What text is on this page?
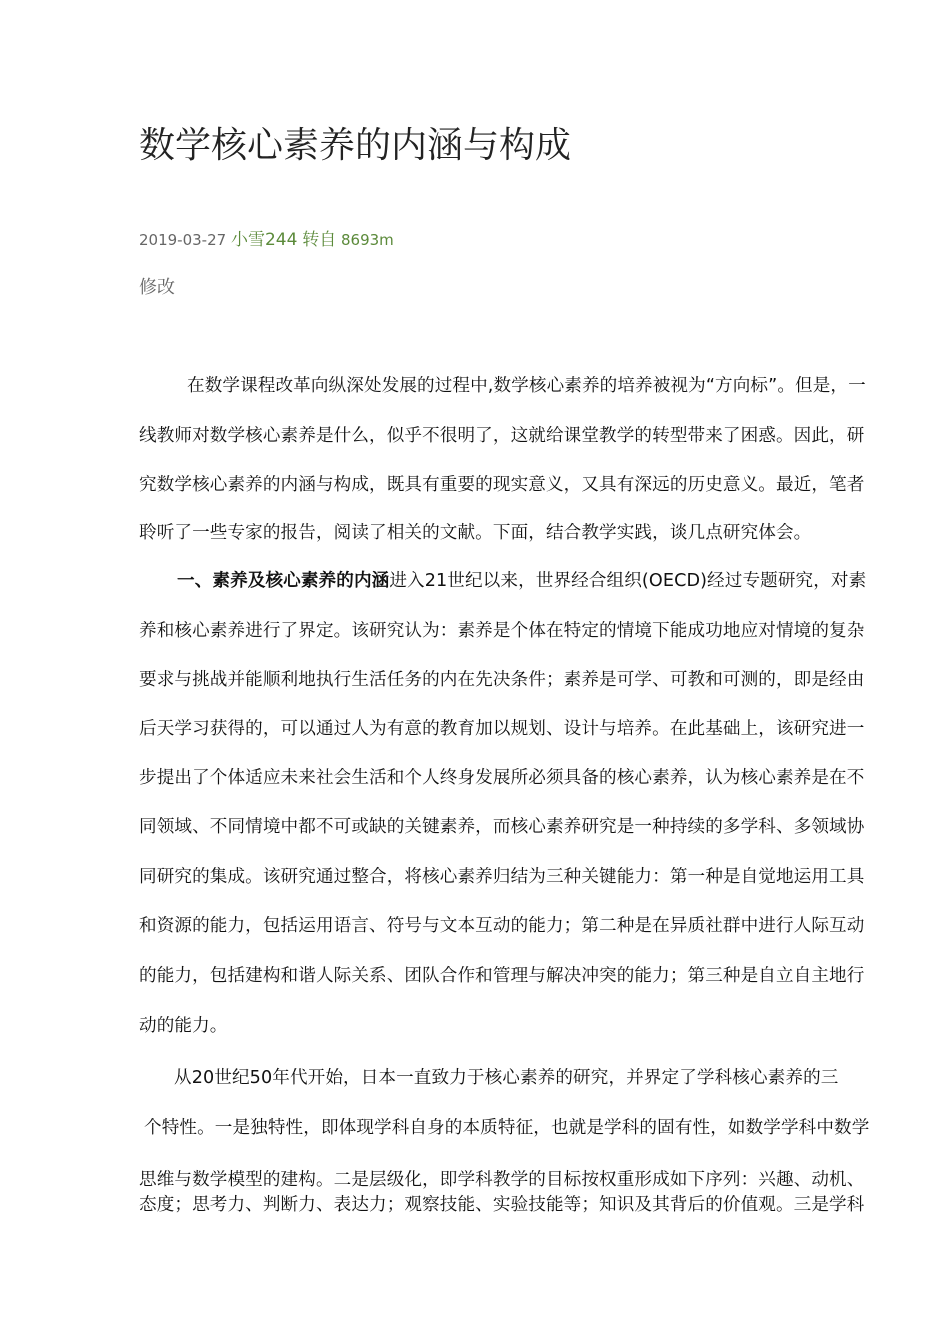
数学核心素养的内涵与构成
2019-03-27 小雪244 转自 8693m
修改
在数学课程改革向纵深处发展的过程中,数学核心素养的培养被视为“方向标”。但是，一
线教师对数学核心素养是什么，似乎不很明了，这就给课堂教学的转型带来了困惑。因此，研
究数学核心素养的内涵与构成，既具有重要的现实意义，又具有深远的历史意义。最近，笔者
聆听了一些专家的报告，阅读了相关的文献。下面，结合教学实践，谈几点研究体会。
一、素养及核心素养的内涵进入21世纪以来，世界经合组织(OECD)经过专题研究，对素
养和核心素养进行了界定。该研究认为：素养是个体在特定的情境下能成功地应对情境的复杂
要求与挑战并能顺利地执行生活任务的内在先决条件；素养是可学、可教和可测的，即是经由
后天学习获得的，可以通过人为有意的教育加以规划、设计与培养。在此基础上，该研究进一
步提出了个体适应未来社会生活和个人终身发展所必须具备的核心素养，认为核心素养是在不
同领域、不同情境中都不可或缺的关键素养，而核心素养研究是一种持续的多学科、多领域协
同研究的集成。该研究通过整合，将核心素养归结为三种关键能力：第一种是自觉地运用工具
和资源的能力，包括运用语言、符号与文本互动的能力；第二种是在异质社群中进行人际互动
的能力，包括建构和谐人际关系、团队合作和管理与解决冲突的能力；第三种是自立自主地行
动的能力。
从20世纪50年代开始，日本一直致力于核心素养的研究，并界定了学科核心素养的三
个特性。一是独特性，即体现学科自身的本质特征，也就是学科的固有性，如数学学科中数学
思维与数学模型的建构。二是层级化，即学科教学的目标按权重形成如下序列：兴趣、动机、
态度；思考力、判断力、表达力；观察技能、实验技能等；知识及其背后的价值观。三是学科
